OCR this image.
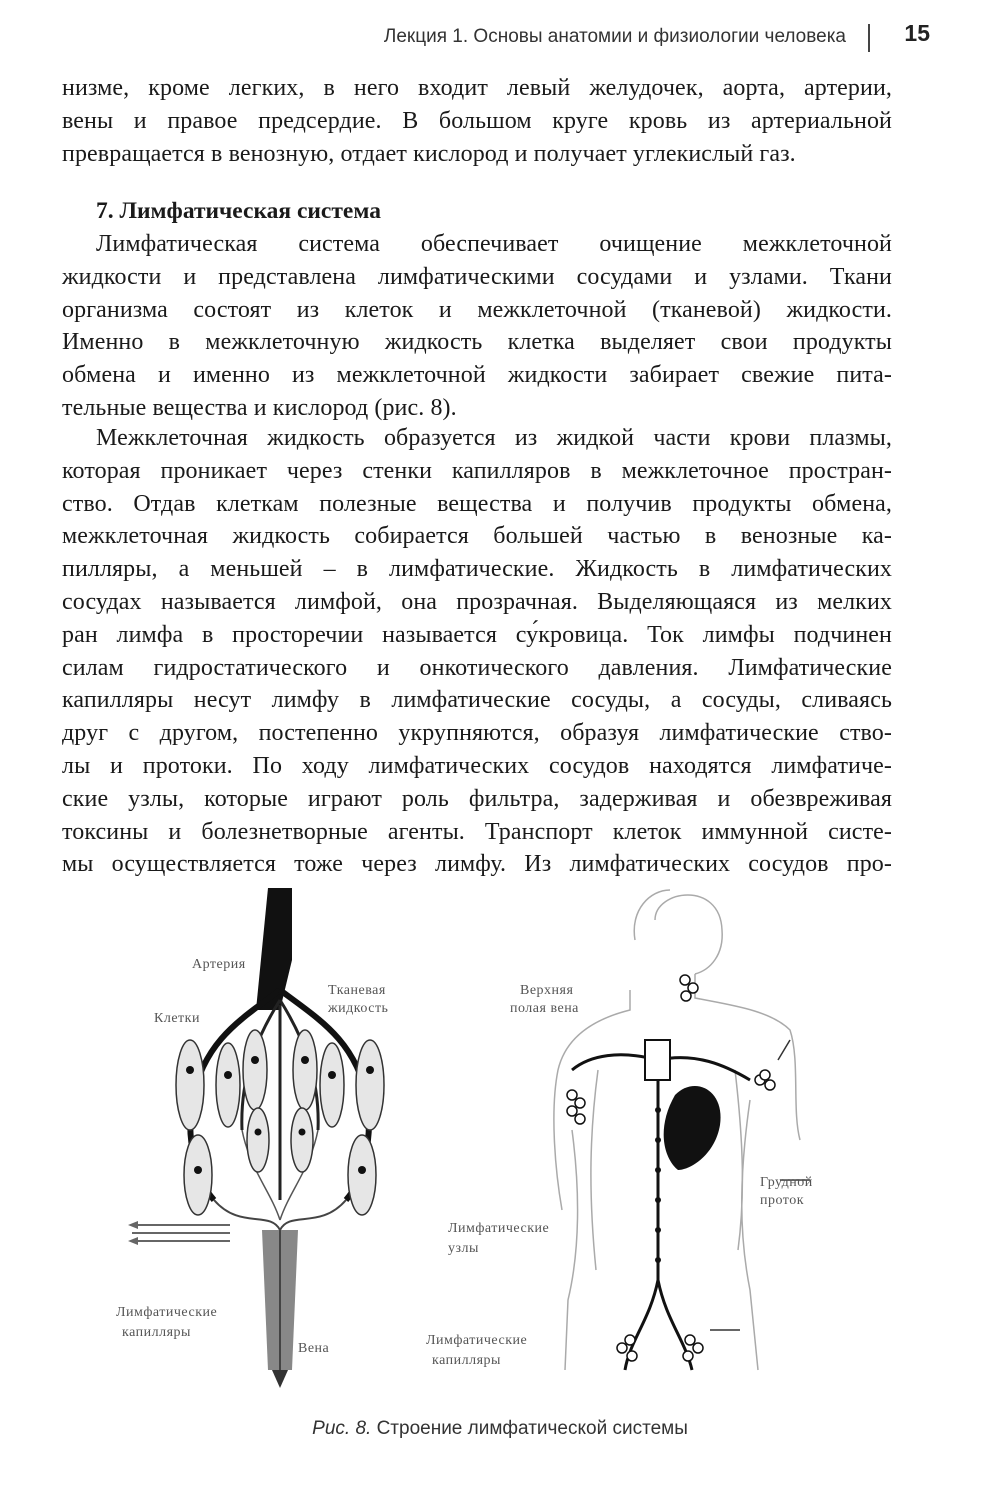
Лекция 1. Основы анатомии и физиологии человека	15
низме, кроме легких, в него входит левый желудочек, аорта, артерии,
вены и правое предсердие. В большом круге кровь из артериальной
превращается в венозную, отдает кислород и получает углекислый газ.
7. Лимфатическая система
Лимфатическая система обеспечивает очищение межклеточной
жидкости и представлена лимфатическими сосудами и узлами. Ткани
организма состоят из клеток и межклеточной (тканевой) жидкости.
Именно в межклеточную жидкость клетка выделяет свои продукты
обмена и именно из межклеточной жидкости забирает свежие пита-
тельные вещества и кислород (рис. 8).
Межклеточная жидкость образуется из жидкой части крови плазмы,
которая проникает через стенки капилляров в межклеточное простран-
ство. Отдав клеткам полезные вещества и получив продукты обмена,
межклеточная жидкость собирается большей частью в венозные ка-
пилляры, а меньшей – в лимфатические. Жидкость в лимфатических
сосудах называется лимфой, она прозрачная. Выделяющаяся из мелких
ран лимфа в просторечии называется су́кровица. Ток лимфы подчинен
силам гидростатического и онкотического давления. Лимфатические
капилляры несут лимфу в лимфатические сосуды, а сосуды, сливаясь
друг с другом, постепенно укрупняются, образуя лимфатические ство-
лы и протоки. По ходу лимфатических сосудов находятся лимфатиче-
ские узлы, которые играют роль фильтра, задерживая и обезвреживая
токсины и болезнетворные агенты. Транспорт клеток иммунной систе-
мы осуществляется тоже через лимфу. Из лимфатических сосудов про-
Артерия
Клетки
Тканевая
жидкость
Лимфатические
капилляры
Вена
Верхняя
полая вена
Грудной
проток
Лимфатические
узлы
Лимфатические
капилляры
Рис. 8. Строение лимфатической системы
